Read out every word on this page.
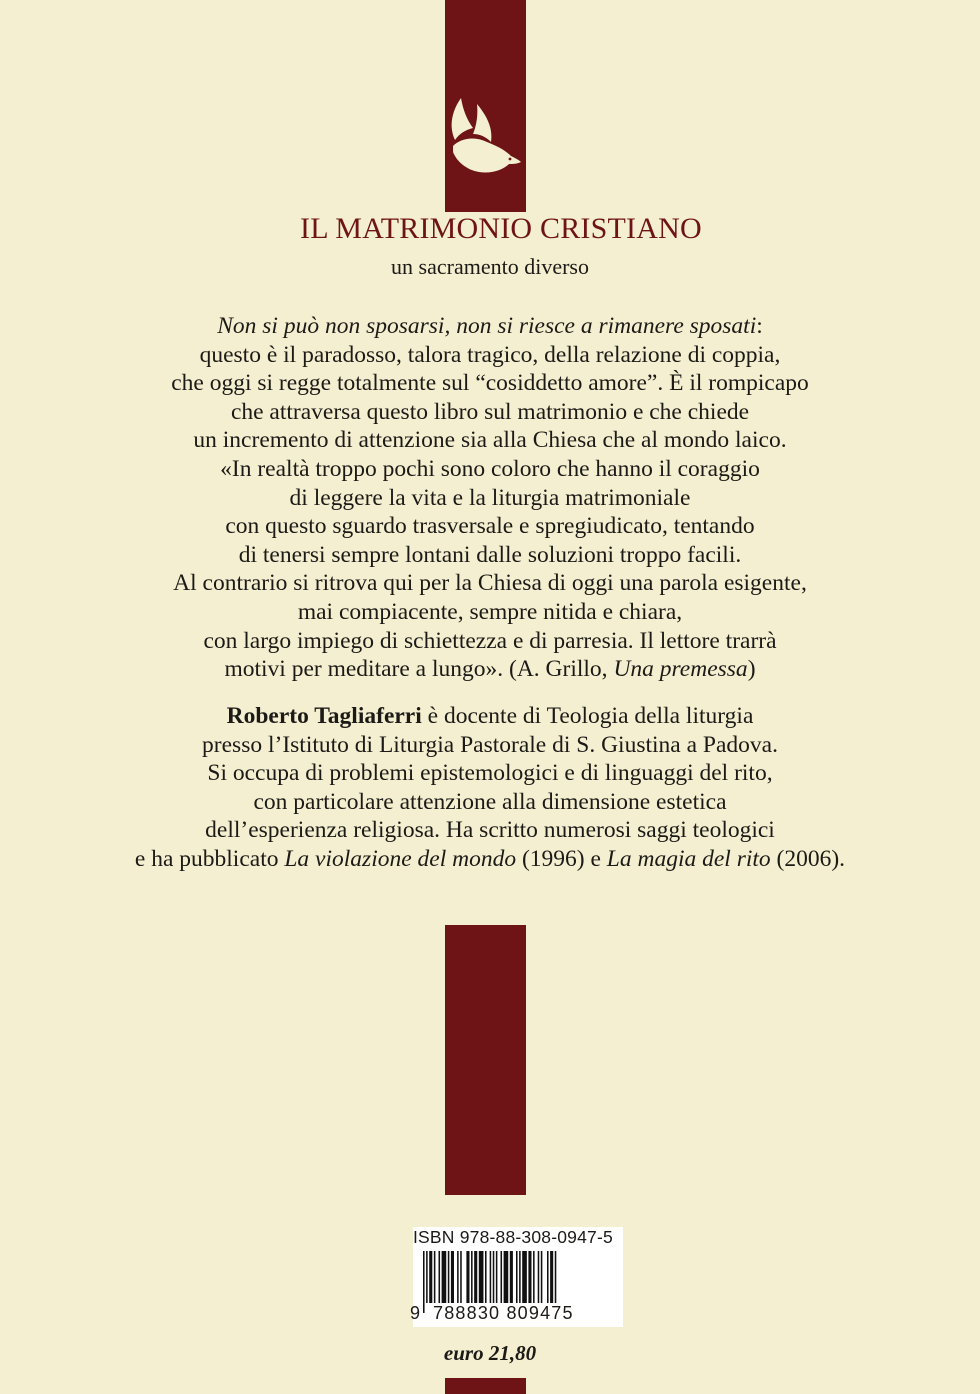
IL MATRIMONIO CRISTIANO
un sacramento diverso
Non si può non sposarsi, non si riesce a rimanere sposati:
questo è il paradosso, talora tragico, della relazione di coppia,
che oggi si regge totalmente sul “cosiddetto amore”. È il rompicapo
che attraversa questo libro sul matrimonio e che chiede
un incremento di attenzione sia alla Chiesa che al mondo laico.
«In realtà troppo pochi sono coloro che hanno il coraggio
di leggere la vita e la liturgia matrimoniale
con questo sguardo trasversale e spregiudicato, tentando
di tenersi sempre lontani dalle soluzioni troppo facili.
Al contrario si ritrova qui per la Chiesa di oggi una parola esigente,
mai compiacente, sempre nitida e chiara,
con largo impiego di schiettezza e di parresia. Il lettore trarrà
motivi per meditare a lungo». (A. Grillo, Una premessa)
Roberto Tagliaferri è docente di Teologia della liturgia
presso l’Istituto di Liturgia Pastorale di S. Giustina a Padova.
Si occupa di problemi epistemologici e di linguaggi del rito,
con particolare attenzione alla dimensione estetica
dell’esperienza religiosa. Ha scritto numerosi saggi teologici
e ha pubblicato La violazione del mondo (1996) e La magia del rito (2006).
ISBN 978-88-308-0947-5
9 788830 809475
euro 21,80
